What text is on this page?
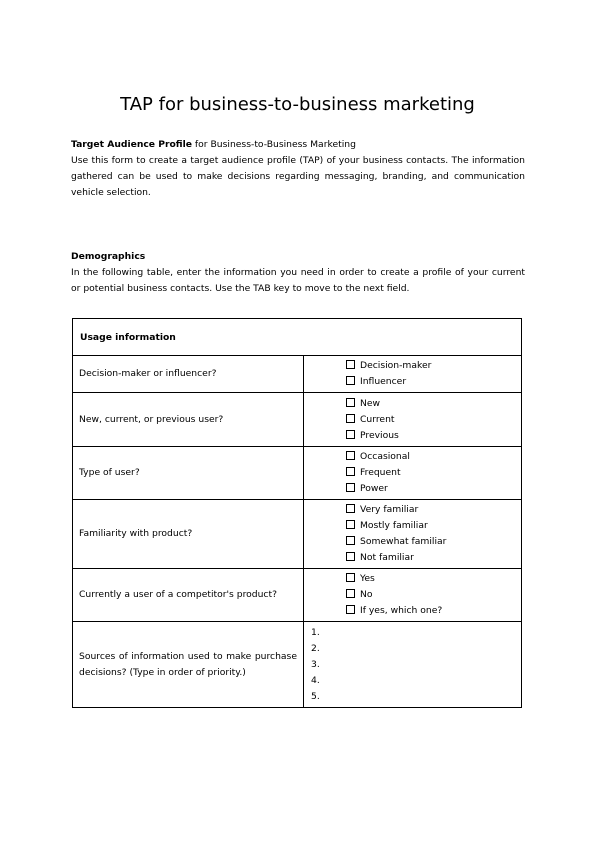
TAP for business-to-business marketing
Target Audience Profile for Business-to-Business Marketing
Use this form to create a target audience profile (TAP) of your business contacts. The information gathered can be used to make decisions regarding messaging, branding, and communication vehicle selection.
Demographics
In the following table, enter the information you need in order to create a profile of your current or potential business contacts. Use the TAB key to move to the next field.
Usage information	
Decision-maker or influencer?	Decision-maker
Influencer

New, current, or previous user?	New
Current
Previous

Type of user?	Occasional
Frequent
Power

Familiarity with product?	Very familiar
Mostly familiar
Somewhat familiar
Not familiar

Currently a user of a competitor's product?	Yes
No
If yes, which one?

Sources of information used to make purchase decisions? (Type in order of priority.)	1.
2.
3.
4.
5.
